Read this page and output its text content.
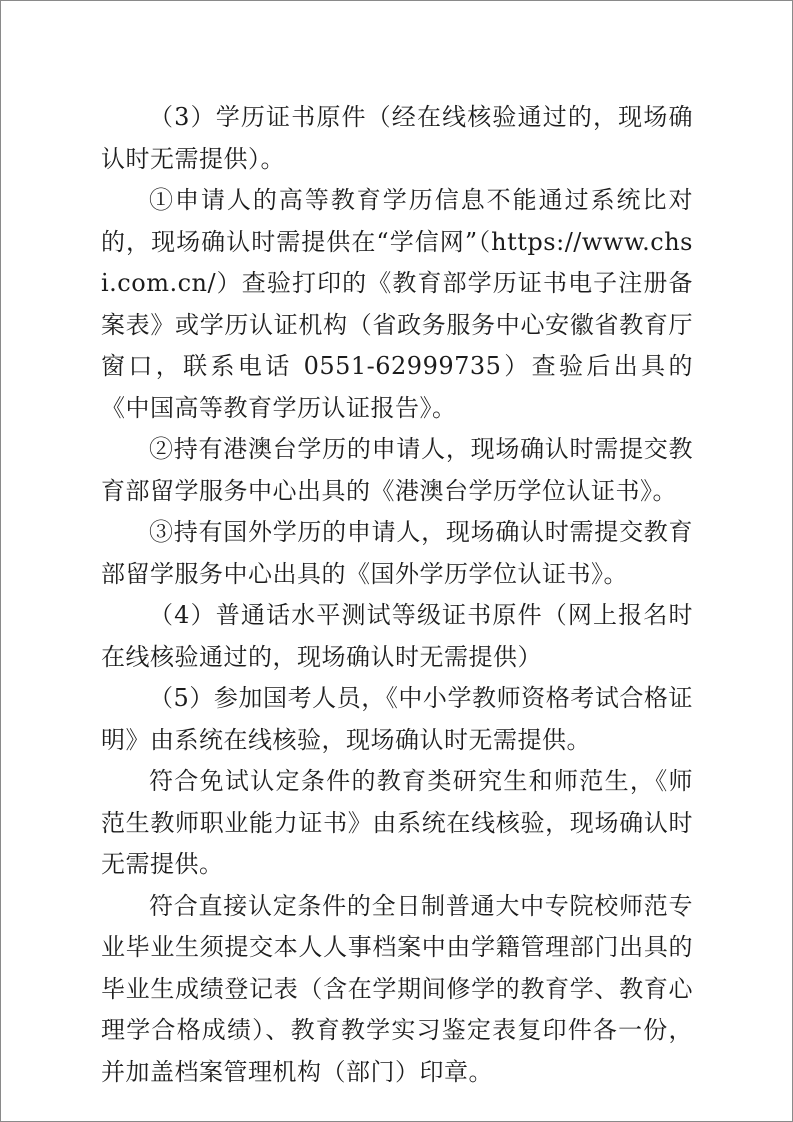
（3）学历证书原件（经在线核验通过的，现场确认时无需提供）。

①申请人的高等教育学历信息不能通过系统比对的，现场确认时需提供在“学信网”（https://www.chsi.com.cn/）查验打印的《教育部学历证书电子注册备案表》或学历认证机构（省政务服务中心安徽省教育厅窗口，联系电话 0551-62999735）查验后出具的《中国高等教育学历认证报告》。

②持有港澳台学历的申请人，现场确认时需提交教育部留学服务中心出具的《港澳台学历学位认证书》。

③持有国外学历的申请人，现场确认时需提交教育部留学服务中心出具的《国外学历学位认证书》。

（4）普通话水平测试等级证书原件（网上报名时在线核验通过的，现场确认时无需提供）

（5）参加国考人员，《中小学教师资格考试合格证明》由系统在线核验，现场确认时无需提供。

符合免试认定条件的教育类研究生和师范生，《师范生教师职业能力证书》由系统在线核验，现场确认时无需提供。

符合直接认定条件的全日制普通大中专院校师范专业毕业生须提交本人人事档案中由学籍管理部门出具的毕业生成绩登记表（含在学期间修学的教育学、教育心理学合格成绩）、教育教学实习鉴定表复印件各一份，并加盖档案管理机构（部门）印章。
